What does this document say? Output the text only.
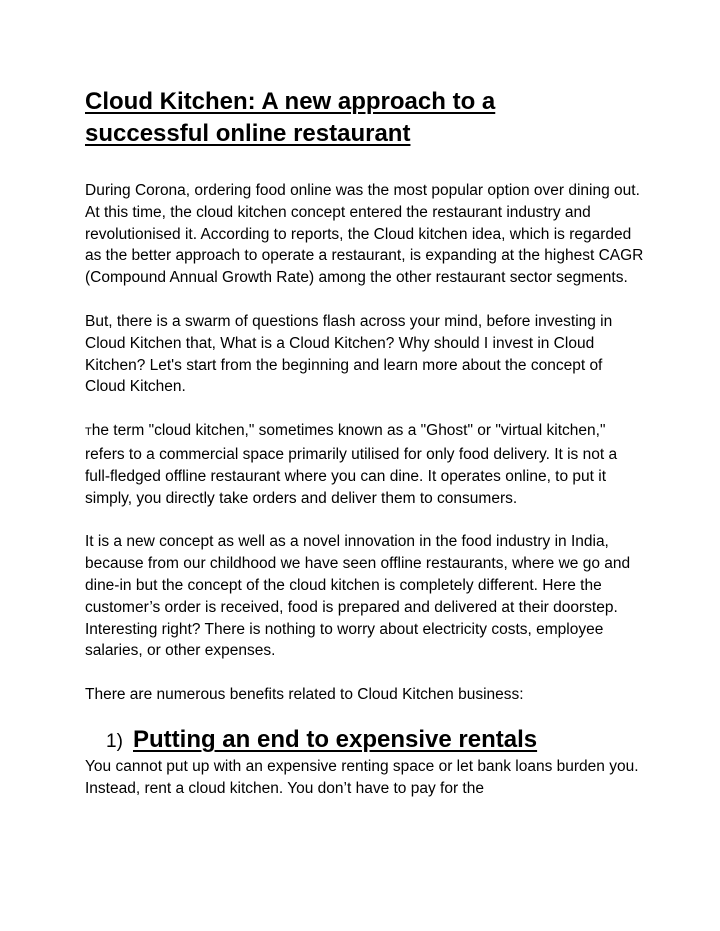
Cloud Kitchen: A new approach to a
successful online restaurant

During Corona, ordering food online was the most popular option over dining out. At this time, the cloud kitchen concept entered the restaurant industry and revolutionised it. According to reports, the Cloud kitchen idea, which is regarded as the better approach to operate a restaurant, is expanding at the highest CAGR (Compound Annual Growth Rate) among the other restaurant sector segments.

But, there is a swarm of questions flash across your mind, before investing in Cloud Kitchen that, What is a Cloud Kitchen? Why should I invest in Cloud Kitchen? Let's start from the beginning and learn more about the concept of Cloud Kitchen.

The term "cloud kitchen," sometimes known as a "Ghost" or "virtual kitchen," refers to a commercial space primarily utilised for only food delivery. It is not a full-fledged offline restaurant where you can dine. It operates online, to put it simply, you directly take orders and deliver them to consumers.

It is a new concept as well as a novel innovation in the food industry in India, because from our childhood we have seen offline restaurants, where we go and dine-in but the concept of the cloud kitchen is completely different. Here the customer’s order is received, food is prepared and delivered at their doorstep. Interesting right? There is nothing to worry about electricity costs, employee salaries, or other expenses.

There are numerous benefits related to Cloud Kitchen business:

1) Putting an end to expensive rentals

You cannot put up with an expensive renting space or let bank loans burden you. Instead, rent a cloud kitchen. You don’t have to pay for the
